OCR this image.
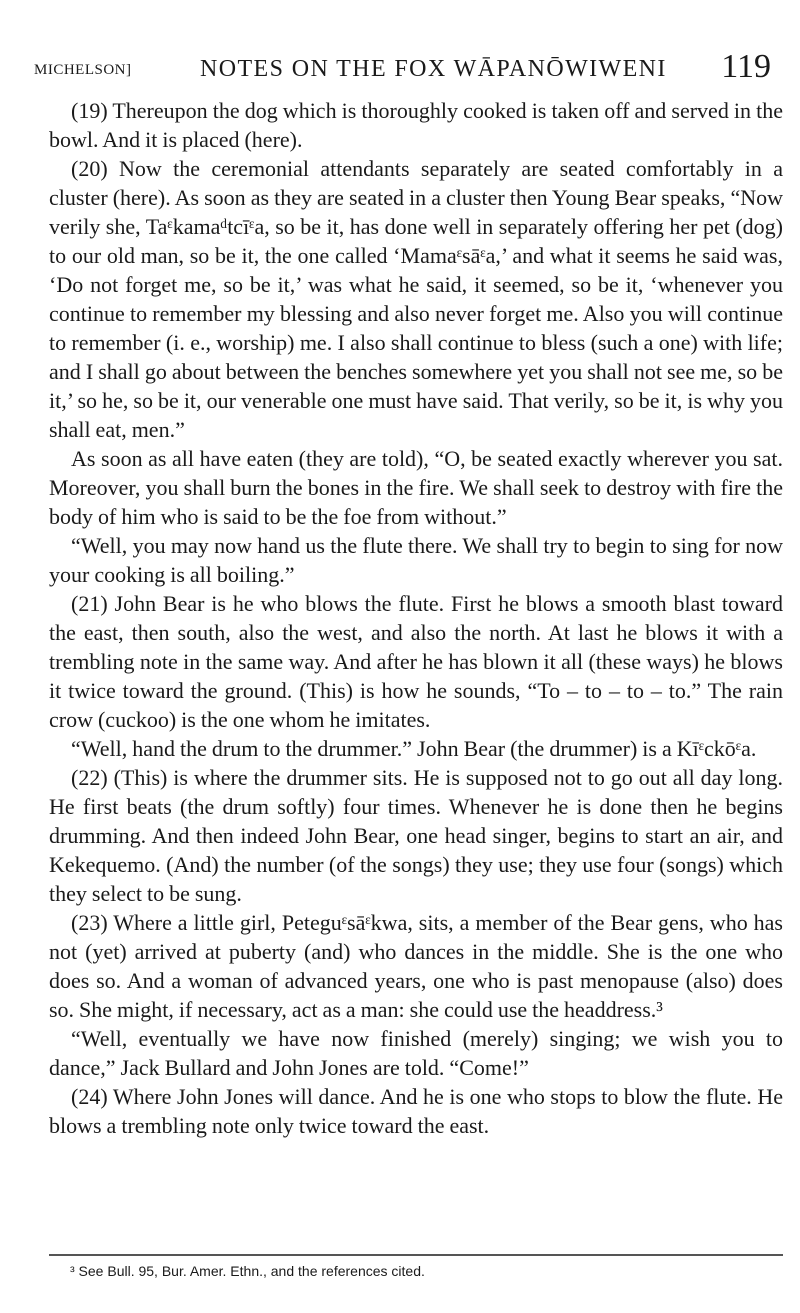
MICHELSON]	NOTES ON THE FOX WĀPANŌWIWENI 119

(19) Thereupon the dog which is thoroughly cooked is taken off and served in the bowl. And it is placed (here).

(20) Now the ceremonial attendants separately are seated comfortably in a cluster (here). As soon as they are seated in a cluster then Young Bear speaks, “Now verily she, Taᵋkamaᵈtcīᵋa, so be it, has done well in separately offering her pet (dog) to our old man, so be it, the one called ‘Mamaᵋsāᵋa,’ and what it seems he said was, ‘Do not forget me, so be it,’ was what he said, it seemed, so be it, ‘whenever you continue to remember my blessing and also never forget me. Also you will continue to remember (i. e., worship) me. I also shall continue to bless (such a one) with life; and I shall go about between the benches somewhere yet you shall not see me, so be it,’ so he, so be it, our venerable one must have said. That verily, so be it, is why you shall eat, men.”

As soon as all have eaten (they are told), “O, be seated exactly wherever you sat. Moreover, you shall burn the bones in the fire. We shall seek to destroy with fire the body of him who is said to be the foe from without.”

“Well, you may now hand us the flute there. We shall try to begin to sing for now your cooking is all boiling.”

(21) John Bear is he who blows the flute. First he blows a smooth blast toward the east, then south, also the west, and also the north. At last he blows it with a trembling note in the same way. And after he has blown it all (these ways) he blows it twice toward the ground. (This) is how he sounds, “To – to – to – to.” The rain crow (cuckoo) is the one whom he imitates.

“Well, hand the drum to the drummer.” John Bear (the drummer) is a Kīᵋckōᵋa.

(22) (This) is where the drummer sits. He is supposed not to go out all day long. He first beats (the drum softly) four times. Whenever he is done then he begins drumming. And then indeed John Bear, one head singer, begins to start an air, and Kekequemo. (And) the number (of the songs) they use; they use four (songs) which they select to be sung.

(23) Where a little girl, Peteguᵋsāᵋkwa, sits, a member of the Bear gens, who has not (yet) arrived at puberty (and) who dances in the middle. She is the one who does so. And a woman of advanced years, one who is past menopause (also) does so. She might, if necessary, act as a man: she could use the headdress.³

“Well, eventually we have now finished (merely) singing; we wish you to dance,” Jack Bullard and John Jones are told. “Come!”

(24) Where John Jones will dance. And he is one who stops to blow the flute. He blows a trembling note only twice toward the east.

³ See Bull. 95, Bur. Amer. Ethn., and the references cited.
